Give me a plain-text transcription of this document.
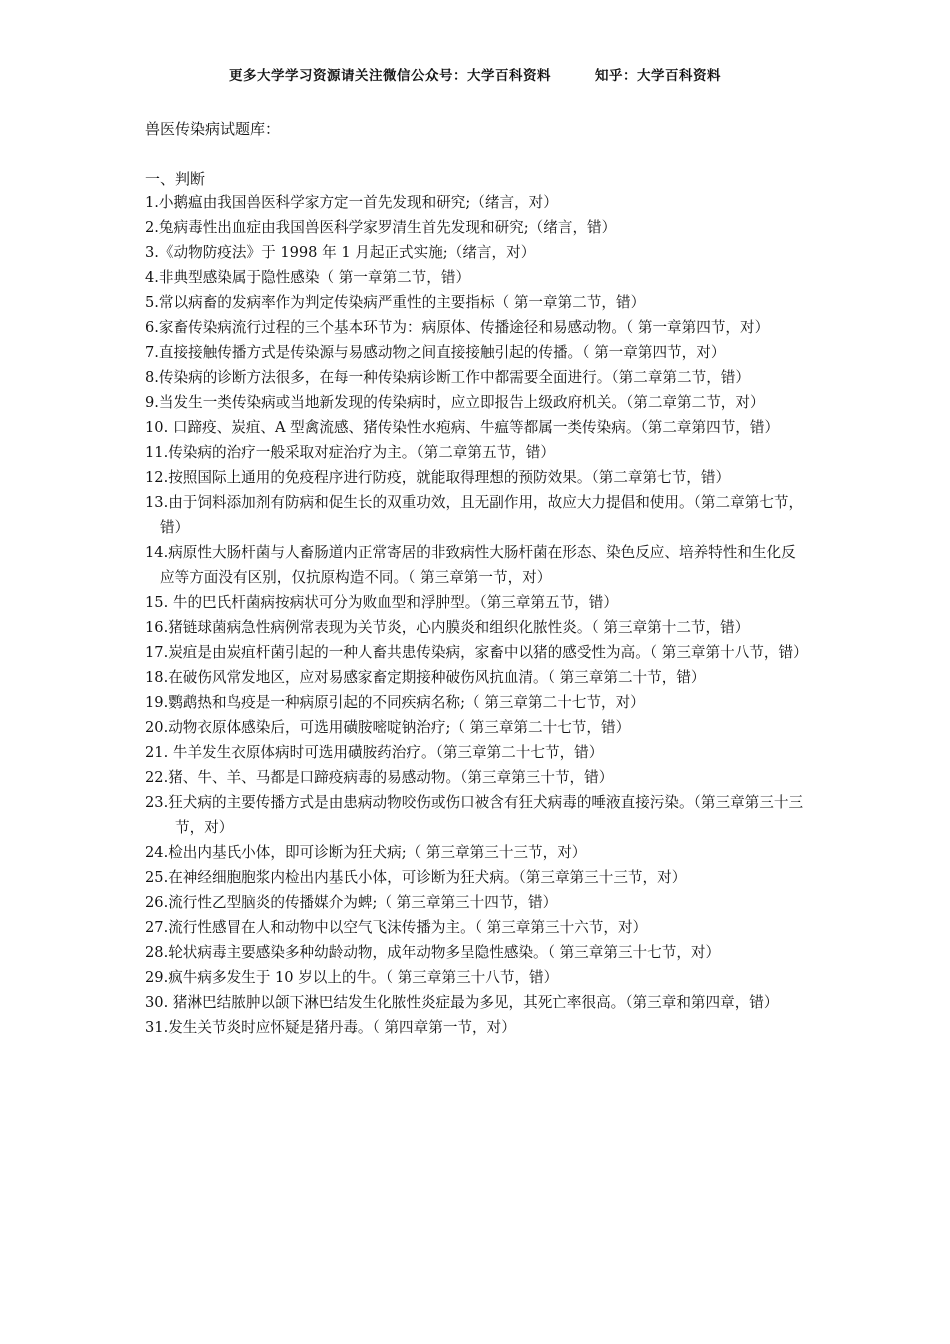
更多大学学习资源请关注微信公众号：大学百科资料	知乎：大学百科资料
兽医传染病试题库：
一、判断
1.小鹅瘟由我国兽医科学家方定一首先发现和研究;（绪言，对）
2.兔病毒性出血症由我国兽医科学家罗清生首先发现和研究;（绪言，错）
3.《动物防疫法》于 1998 年 1 月起正式实施;（绪言，对）
4.非典型感染属于隐性感染（ 第一章第二节，错）
5.常以病畜的发病率作为判定传染病严重性的主要指标（ 第一章第二节，错）
6.家畜传染病流行过程的三个基本环节为：病原体、传播途径和易感动物。（ 第一章第四节，对）
7.直接接触传播方式是传染源与易感动物之间直接接触引起的传播。（ 第一章第四节，对）
8.传染病的诊断方法很多，在每一种传染病诊断工作中都需要全面进行。（第二章第二节，错）
9.当发生一类传染病或当地新发现的传染病时，应立即报告上级政府机关。（第二章第二节，对）
10. 口蹄疫、炭疽、A 型禽流感、猪传染性水疱病、牛瘟等都属一类传染病。（第二章第四节，错）
11.传染病的治疗一般采取对症治疗为主。（第二章第五节，错）
12.按照国际上通用的免疫程序进行防疫，就能取得理想的预防效果。（第二章第七节，错）
13.由于饲料添加剂有防病和促生长的双重功效，且无副作用，故应大力提倡和使用。（第二章第七节，错）
14.病原性大肠杆菌与人畜肠道内正常寄居的非致病性大肠杆菌在形态、染色反应、培养特性和生化反应等方面没有区别，仅抗原构造不同。（ 第三章第一节，对）
15. 牛的巴氏杆菌病按病状可分为败血型和浮肿型。（第三章第五节，错）
16.猪链球菌病急性病例常表现为关节炎，心内膜炎和组织化脓性炎。（ 第三章第十二节，错）
17.炭疽是由炭疽杆菌引起的一种人畜共患传染病，家畜中以猪的感受性为高。（ 第三章第十八节，错）
18.在破伤风常发地区，应对易感家畜定期接种破伤风抗血清。（ 第三章第二十节，错）
19.鹦鹉热和鸟疫是一种病原引起的不同疾病名称;（ 第三章第二十七节，对）
20.动物衣原体感染后，可选用磺胺嘧啶钠治疗;（ 第三章第二十七节，错）
21. 牛羊发生衣原体病时可选用磺胺药治疗。（第三章第二十七节，错）
22.猪、牛、羊、马都是口蹄疫病毒的易感动物。（第三章第三十节，错）
23.狂犬病的主要传播方式是由患病动物咬伤或伤口被含有狂犬病毒的唾液直接污染。（第三章第三十三节，对）
24.检出内基氏小体，即可诊断为狂犬病;（ 第三章第三十三节，对）
25.在神经细胞胞浆内检出内基氏小体，可诊断为狂犬病。（第三章第三十三节，对）
26.流行性乙型脑炎的传播媒介为蜱;（ 第三章第三十四节，错）
27.流行性感冒在人和动物中以空气飞沫传播为主。（ 第三章第三十六节，对）
28.轮状病毒主要感染多种幼龄动物，成年动物多呈隐性感染。（ 第三章第三十七节，对）
29.疯牛病多发生于 10 岁以上的牛。（ 第三章第三十八节，错）
30. 猪淋巴结脓肿以颌下淋巴结发生化脓性炎症最为多见，其死亡率很高。（第三章和第四章，错）
31.发生关节炎时应怀疑是猪丹毒。（ 第四章第一节，对）
